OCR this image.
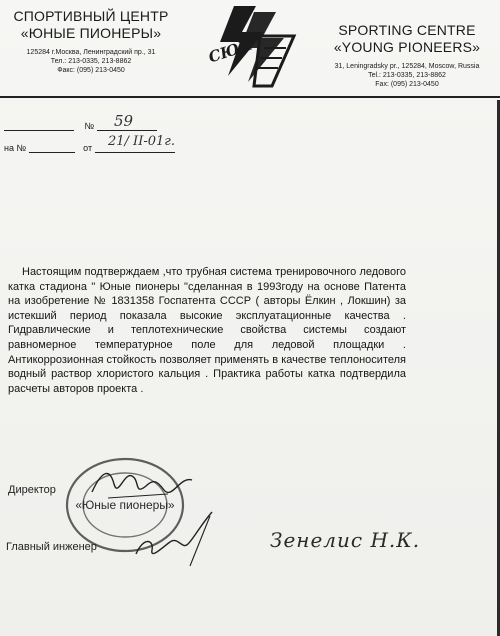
СПОРТИВНЫЙ ЦЕНТР
«ЮНЫЕ ПИОНЕРЫ»
125284 г.Москва, Ленинградский пр., 31
Тел.: 213-0335, 213-8862
Факс: (095) 213-0450
СЮП
SPORTING CENTRE
«YOUNG PIONEERS»
31, Leningradsky pr., 125284, Moscow, Russia
Tel.: 213-0335, 213-8862
Fax: (095) 213-0450
№ 59
на №	от 21/ II-01г.

Настоящим подтверждаем ,что трубная система тренировочного ледового катка стадиона " Юные пионеры "сделанная в 1993году на основе Патента на изобретение № 1831358 Госпатента СССР ( авторы Ёлкин , Локшин) за истекший период показала высокие эксплуатационные качества . Гидравлические и теплотехнические свойства системы создают равномерное температурное поле для ледовой площадки . Антикоррозионная стойкость позволяет применять в качестве теплоносителя водный раствор хлористого кальция . Практика работы катка подтвердила расчеты авторов проекта .

«Юные пионеры»
Директор
Главный инженер	Зенелис Н.К.
